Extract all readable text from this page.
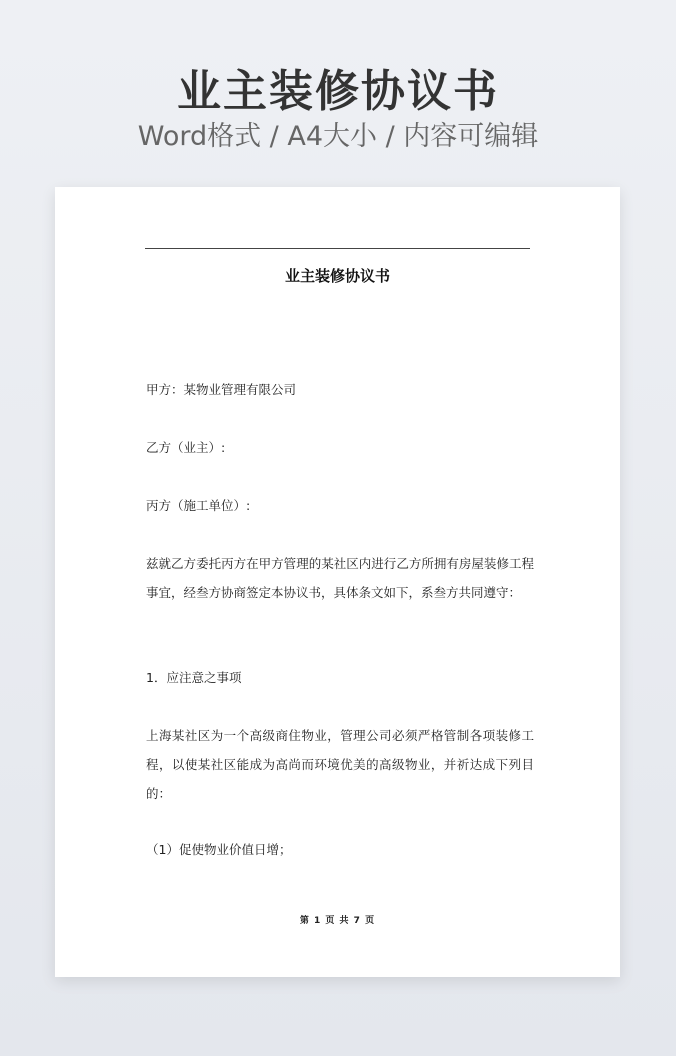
业主装修协议书
Word格式 / A4大小 / 内容可编辑
业主装修协议书
甲方：某物业管理有限公司
乙方（业主）:
丙方（施工单位）:
兹就乙方委托丙方在甲方管理的某社区内进行乙方所拥有房屋装修工程事宜，经叁方协商签定本协议书，具体条文如下，系叁方共同遵守：
1．应注意之事项
上海某社区为一个高级商住物业，管理公司必须严格管制各项装修工程，以使某社区能成为高尚而环境优美的高级物业，并祈达成下列目的：
（1）促使物业价值日增；
第 1 页 共 7 页
